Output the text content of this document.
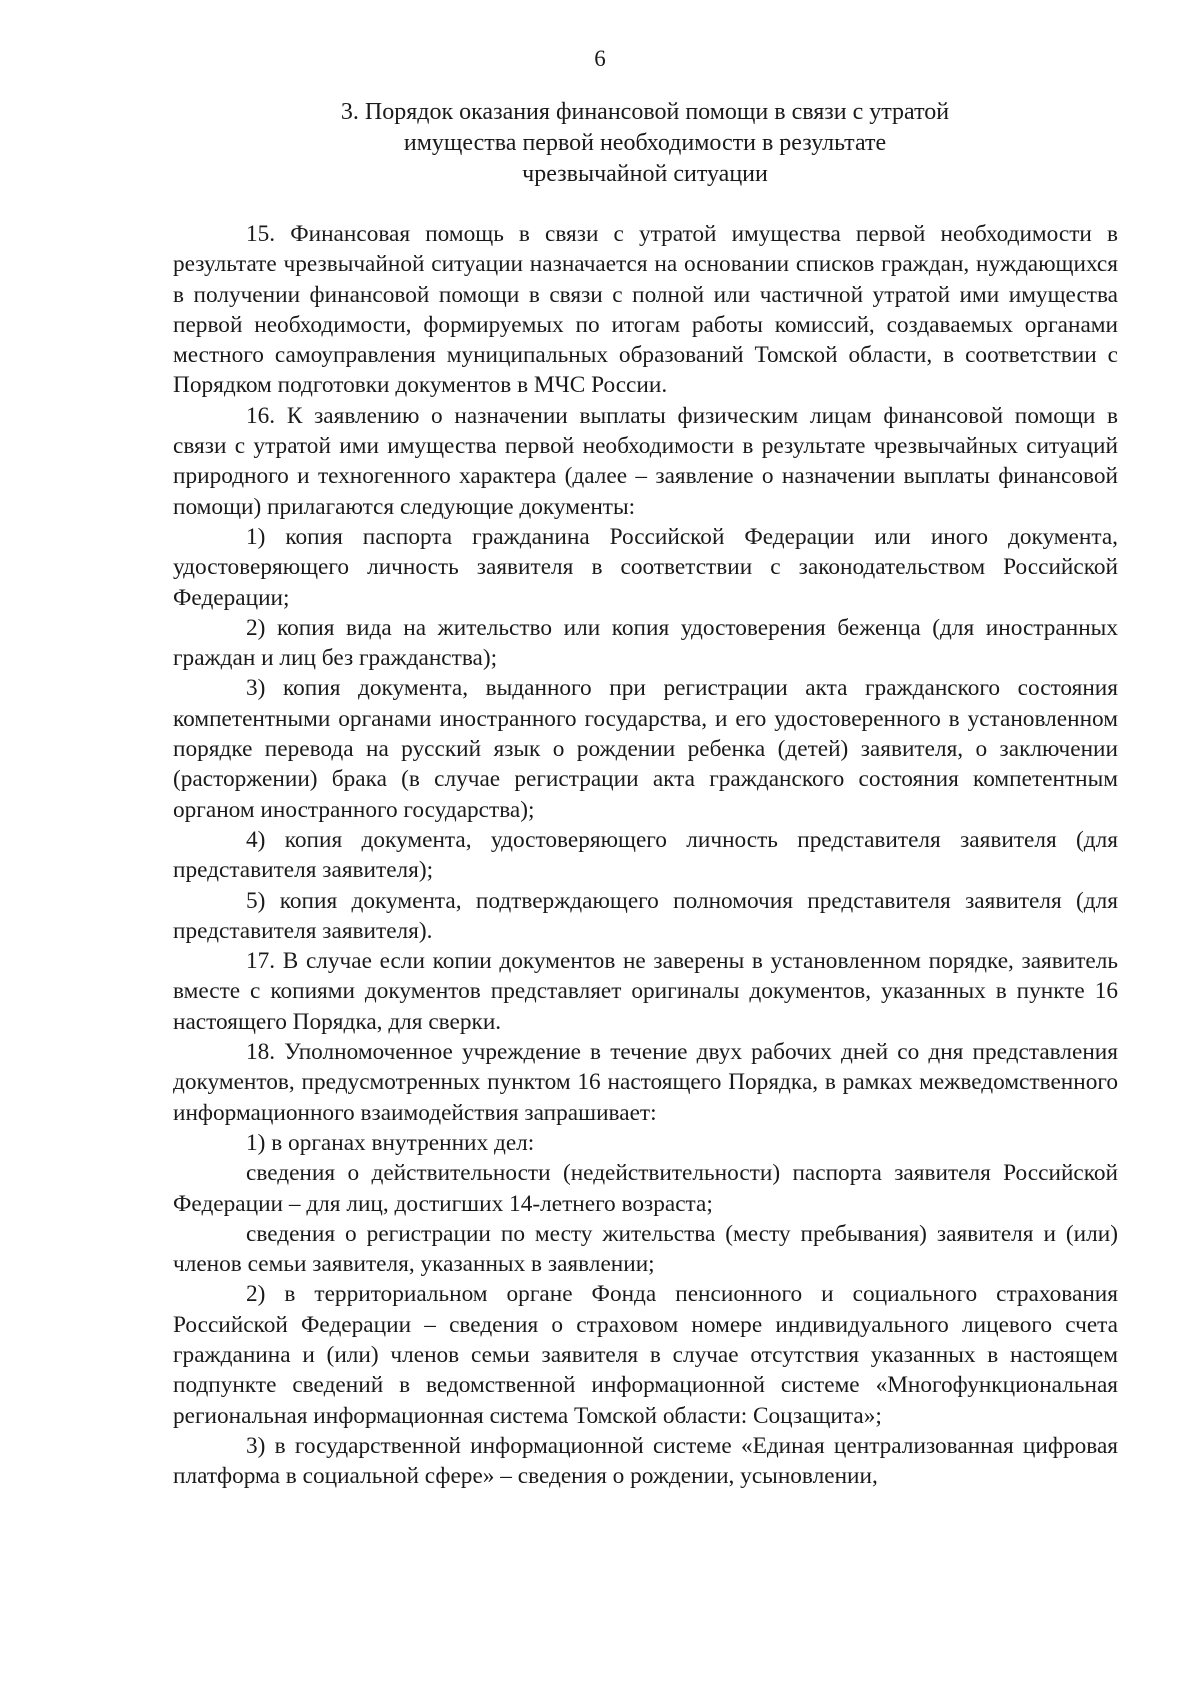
6
3. Порядок оказания финансовой помощи в связи с утратой
имущества первой необходимости в результате
чрезвычайной ситуации

15. Финансовая помощь в связи с утратой имущества первой необходимости в результате чрезвычайной ситуации назначается на основании списков граждан, нуждающихся в получении финансовой помощи в связи с полной или частичной утратой ими имущества первой необходимости, формируемых по итогам работы комиссий, создаваемых органами местного самоуправления муниципальных образований Томской области, в соответствии с Порядком подготовки документов в МЧС России.

16. К заявлению о назначении выплаты физическим лицам финансовой помощи в связи с утратой ими имущества первой необходимости в результате чрезвычайных ситуаций природного и техногенного характера (далее – заявление о назначении выплаты финансовой помощи) прилагаются следующие документы:

1) копия паспорта гражданина Российской Федерации или иного документа, удостоверяющего личность заявителя в соответствии с законодательством Российской Федерации;

2) копия вида на жительство или копия удостоверения беженца (для иностранных граждан и лиц без гражданства);

3) копия документа, выданного при регистрации акта гражданского состояния компетентными органами иностранного государства, и его удостоверенного в установленном порядке перевода на русский язык о рождении ребенка (детей) заявителя, о заключении (расторжении) брака (в случае регистрации акта гражданского состояния компетентным органом иностранного государства);

4) копия документа, удостоверяющего личность представителя заявителя (для представителя заявителя);

5) копия документа, подтверждающего полномочия представителя заявителя (для представителя заявителя).

17. В случае если копии документов не заверены в установленном порядке, заявитель вместе с копиями документов представляет оригиналы документов, указанных в пункте 16 настоящего Порядка, для сверки.

18. Уполномоченное учреждение в течение двух рабочих дней со дня представления документов, предусмотренных пунктом 16 настоящего Порядка, в рамках межведомственного информационного взаимодействия запрашивает:

1) в органах внутренних дел:

сведения о действительности (недействительности) паспорта заявителя Российской Федерации – для лиц, достигших 14-летнего возраста;

сведения о регистрации по месту жительства (месту пребывания) заявителя и (или) членов семьи заявителя, указанных в заявлении;

2) в территориальном органе Фонда пенсионного и социального страхования Российской Федерации – сведения о страховом номере индивидуального лицевого счета гражданина и (или) членов семьи заявителя в случае отсутствия указанных в настоящем подпункте сведений в ведомственной информационной системе «Многофункциональная региональная информационная система Томской области: Соцзащита»;

3) в государственной информационной системе «Единая централизованная цифровая платформа в социальной сфере» – сведения о рождении, усыновлении,
